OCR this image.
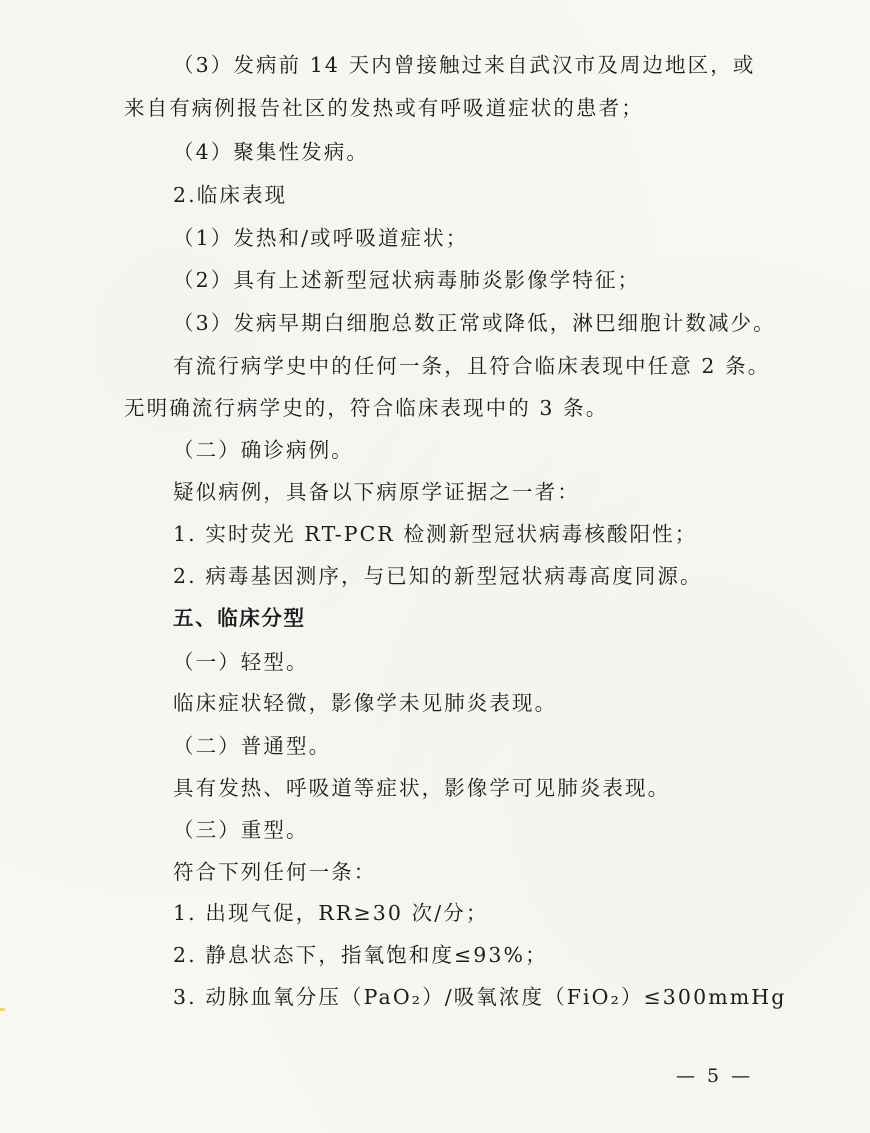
（3）发病前 14 天内曾接触过来自武汉市及周边地区，或
来自有病例报告社区的发热或有呼吸道症状的患者；
（4）聚集性发病。
2.临床表现
（1）发热和/或呼吸道症状；
（2）具有上述新型冠状病毒肺炎影像学特征；
（3）发病早期白细胞总数正常或降低，淋巴细胞计数减少。
有流行病学史中的任何一条，且符合临床表现中任意 2 条。
无明确流行病学史的，符合临床表现中的 3 条。
（二）确诊病例。
疑似病例，具备以下病原学证据之一者：
1. 实时荧光 RT-PCR 检测新型冠状病毒核酸阳性；
2. 病毒基因测序，与已知的新型冠状病毒高度同源。
五、临床分型
（一）轻型。
临床症状轻微，影像学未见肺炎表现。
（二）普通型。
具有发热、呼吸道等症状，影像学可见肺炎表现。
（三）重型。
符合下列任何一条：
1. 出现气促，RR≥30 次/分；
2. 静息状态下，指氧饱和度≤93%；
3. 动脉血氧分压（PaO₂）/吸氧浓度（FiO₂）≤300mmHg
— 5 —
